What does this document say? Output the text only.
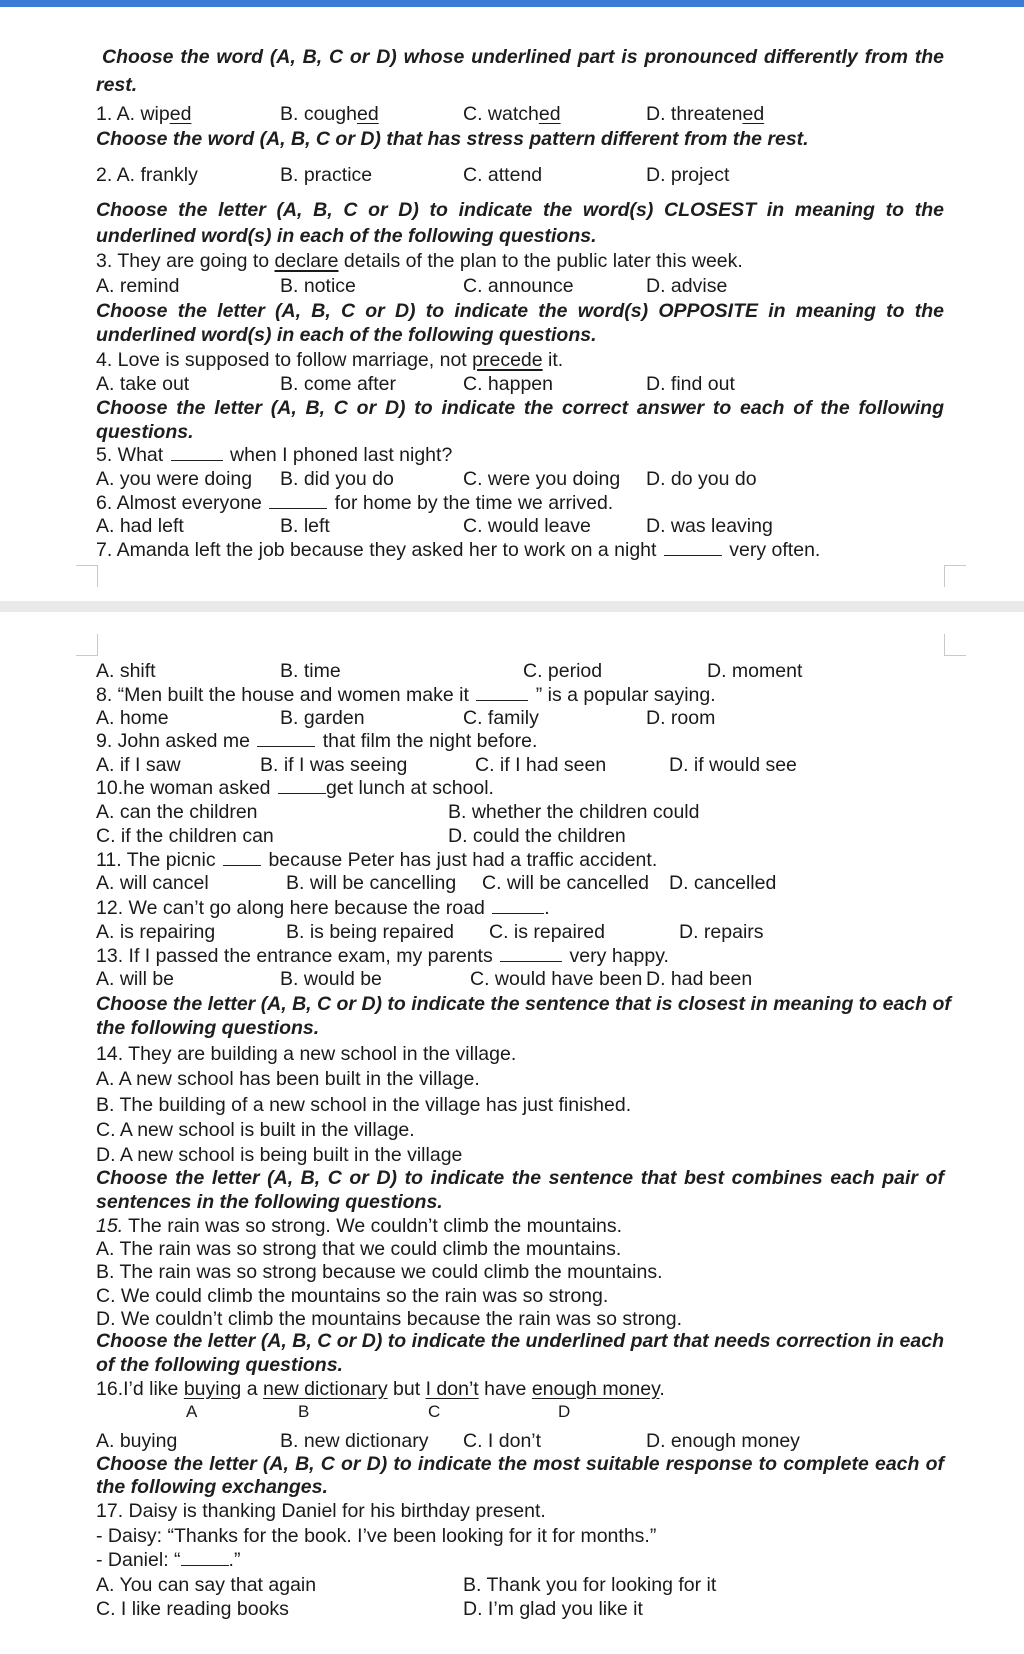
Choose the word (A, B, C or D) whose underlined part is pronounced differently from the
rest.
1. A. wiped	B. coughed	C. watched	D. threatened
Choose the word (A, B, C or D) that has stress pattern different from the rest.
2. A. frankly	B. practice	C. attend	D. project
Choose the letter (A, B, C or D) to indicate the word(s) CLOSEST in meaning to the
underlined word(s) in each of the following questions.
3. They are going to declare details of the plan to the public later this week.
A. remind	B. notice	C. announce	D. advise
Choose the letter (A, B, C or D) to indicate the word(s) OPPOSITE in meaning to the
underlined word(s) in each of the following questions.
4. Love is supposed to follow marriage, not precede it.
A. take out	B. come after	C. happen	D. find out
Choose the letter (A, B, C or D) to indicate the correct answer to each of the following
questions.
5. What	when I phoned last night?
A. you were doing B. did you do	C. were you doing D. do you do
6. Almost everyone	for home by the time we arrived.
A. had left	B. left	C. would leave	D. was leaving
7. Amanda left the job because they asked her to work on a night	very often.
A. shift	B. time	C. period	D. moment
8. “Men built the house and women make it	” is a popular saying.
A. home	B. garden	C. family	D. room
9. John asked me	that film the night before.
A. if I saw	B. if I was seeing	C. if I had seen	D. if would see
10.he woman asked	get lunch at school.
A. can the children	B. whether the children could
C. if the children can	D. could the children
11. The picnic  because Peter has just had a traffic accident.
A. will cancel	B. will be cancelling C. will be cancelled D. cancelled
12. We can’t go along here because the road	.
A. is repairing	B. is being repaired C. is repaired	D. repairs
13. If I passed the entrance exam, my parents	very happy.
A. will be	B. would be	C. would have been D. had been
Choose the letter (A, B, C or D) to indicate the sentence that is closest in meaning to each of
the following questions.
14. They are building a new school in the village.
A. A new school has been built in the village.
B. The building of a new school in the village has just finished.
C. A new school is built in the village.
D. A new school is being built in the village
Choose the letter (A, B, C or D) to indicate the sentence that best combines each pair of
sentences in the following questions.
15. The rain was so strong. We couldn’t climb the mountains.
A. The rain was so strong that we could climb the mountains.
B. The rain was so strong because we could climb the mountains.
C. We could climb the mountains so the rain was so strong.
D. We couldn’t climb the mountains because the rain was so strong.
Choose the letter (A, B, C or D) to indicate the underlined part that needs correction in each
of the following questions.
16.I’d like buying a new dictionary but I don’t have enough money.
A	B	C	D
A. buying	B. new dictionary C. I don’t	D. enough money
Choose the letter (A, B, C or D) to indicate the most suitable response to complete each of
the following exchanges.
17. Daisy is thanking Daniel for his birthday present.
- Daisy: “Thanks for the book. I’ve been looking for it for months.”
- Daniel: “ .”
A. You can say that again	B. Thank you for looking for it
C. I like reading books	D. I’m glad you like it
